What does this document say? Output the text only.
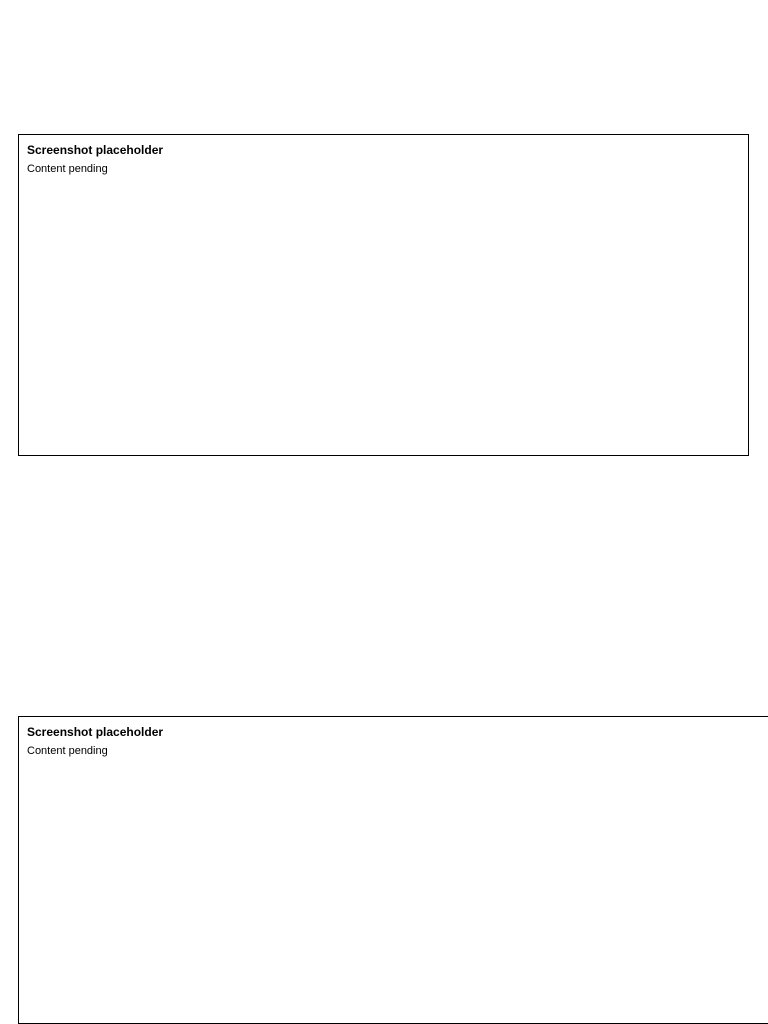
Screenshot placeholder
Content pending
Screenshot placeholder
Content pending
